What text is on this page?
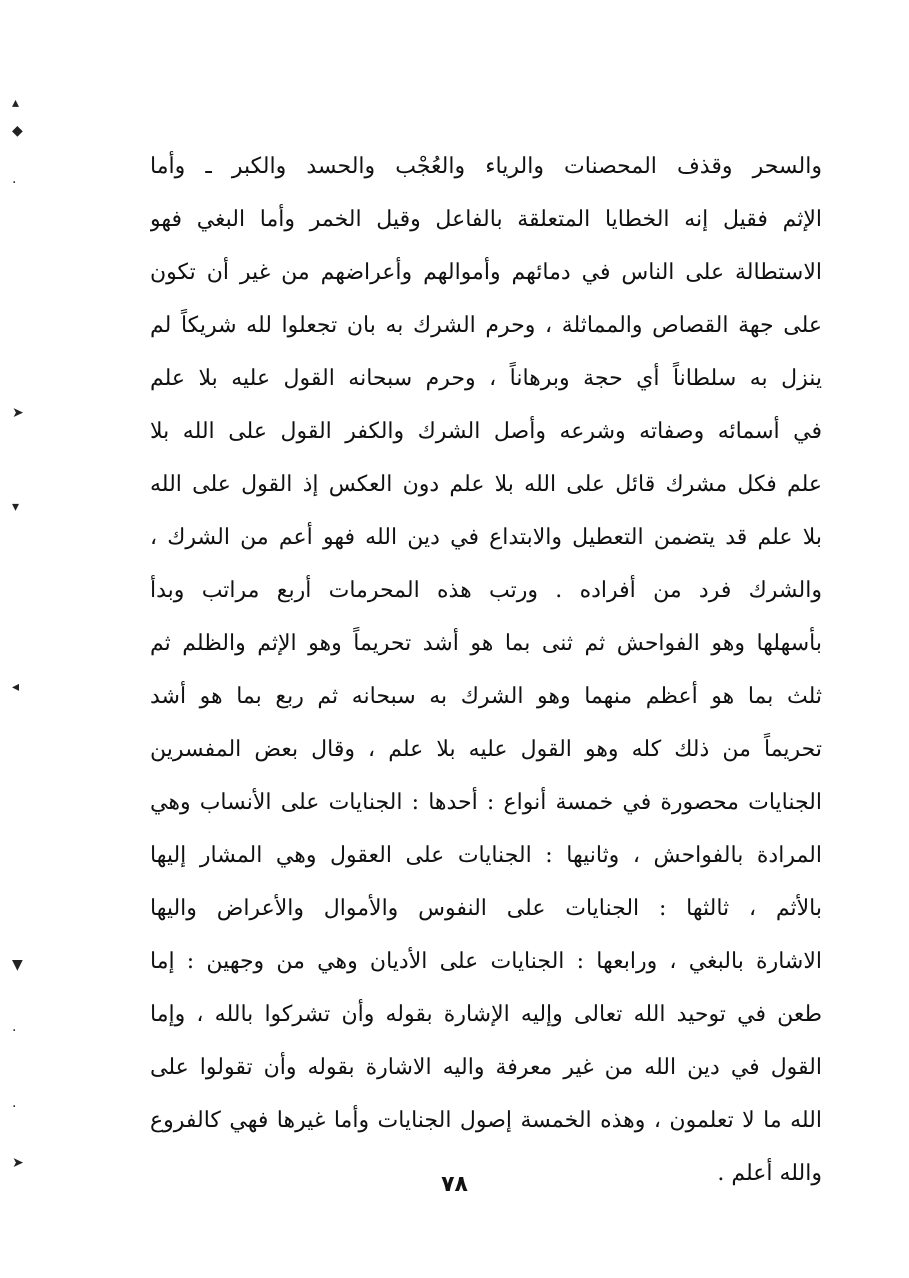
▴
◆
·
➤
▾
◂
▼
·
·
➤
والسحر وقذف المحصنات والرياء والعُجْب والحسد والكبر ـ وأما
الإثم فقيل إنه الخطايا المتعلقة بالفاعل وقيل الخمر وأما البغي فهو
الاستطالة على الناس في دمائهم وأموالهم وأعراضهم من غير أن تكون
على جهة القصاص والمماثلة ، وحرم الشرك به بان تجعلوا لله شريكاً لم
ينزل به سلطاناً أي حجة وبرهاناً ، وحرم سبحانه القول عليه بلا علم
في أسمائه وصفاته وشرعه وأصل الشرك والكفر القول على الله بلا
علم فكل مشرك قائل على الله بلا علم دون العكس إذ القول على الله
بلا علم قد يتضمن التعطيل والابتداع في دين الله فهو أعم من الشرك ،
والشرك فرد من أفراده . ورتب هذه المحرمات أربع مراتب وبدأ
بأسهلها وهو الفواحش ثم ثنى بما هو أشد تحريماً وهو الإثم والظلم ثم
ثلث بما هو أعظم منهما وهو الشرك به سبحانه ثم ربع بما هو أشد
تحريماً من ذلك كله وهو القول عليه بلا علم ، وقال بعض المفسرين
الجنايات محصورة في خمسة أنواع : أحدها : الجنايات على الأنساب وهي
المرادة بالفواحش ، وثانيها : الجنايات على العقول وهي المشار إليها
بالأثم ، ثالثها : الجنايات على النفوس والأموال والأعراض واليها
الاشارة بالبغي ، ورابعها : الجنايات على الأديان وهي من وجهين : إما
طعن في توحيد الله تعالى وإليه الإشارة بقوله وأن تشركوا بالله ، وإما
القول في دين الله من غير معرفة واليه الاشارة بقوله وأن تقولوا على
الله ما لا تعلمون ، وهذه الخمسة إصول الجنايات وأما غيرها فهي كالفروع
والله أعلم .
٧٨
